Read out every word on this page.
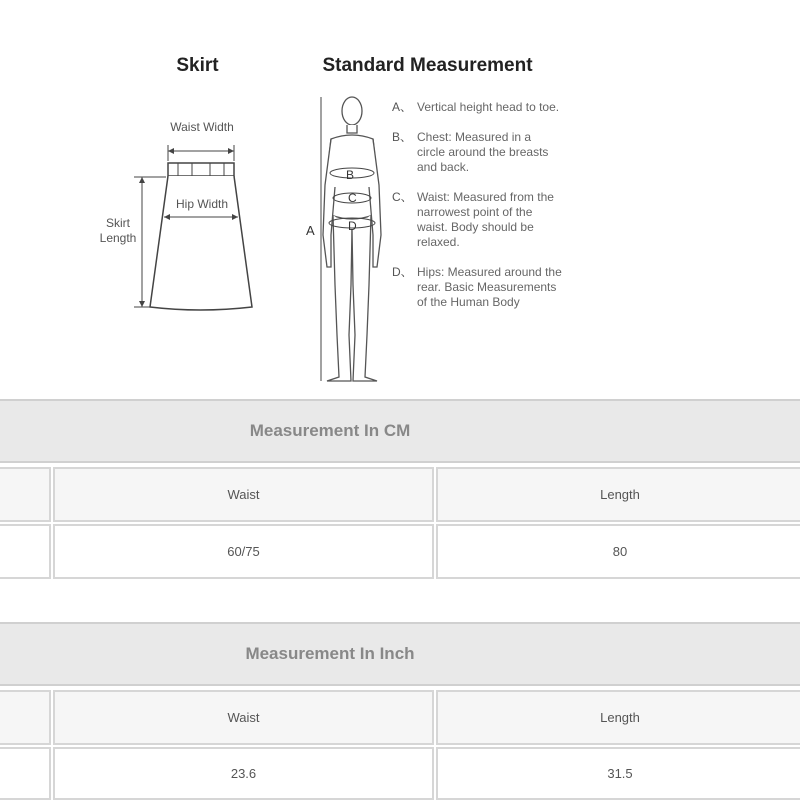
Skirt	Standard Measurement
Waist Width
Hip Width
Skirt Length	A
B
C
D
A、 Vertical height head to toe.
B、 Chest: Measured in a circle around the breasts and back.
C、 Waist: Measured from the narrowest point of the waist. Body should be relaxed.
D、 Hips: Measured around the rear. Basic Measurements of the Human Body
Measurement In CM
Waist	Length
60/75	80
Measurement In Inch
Waist	Length
23.6	31.5
